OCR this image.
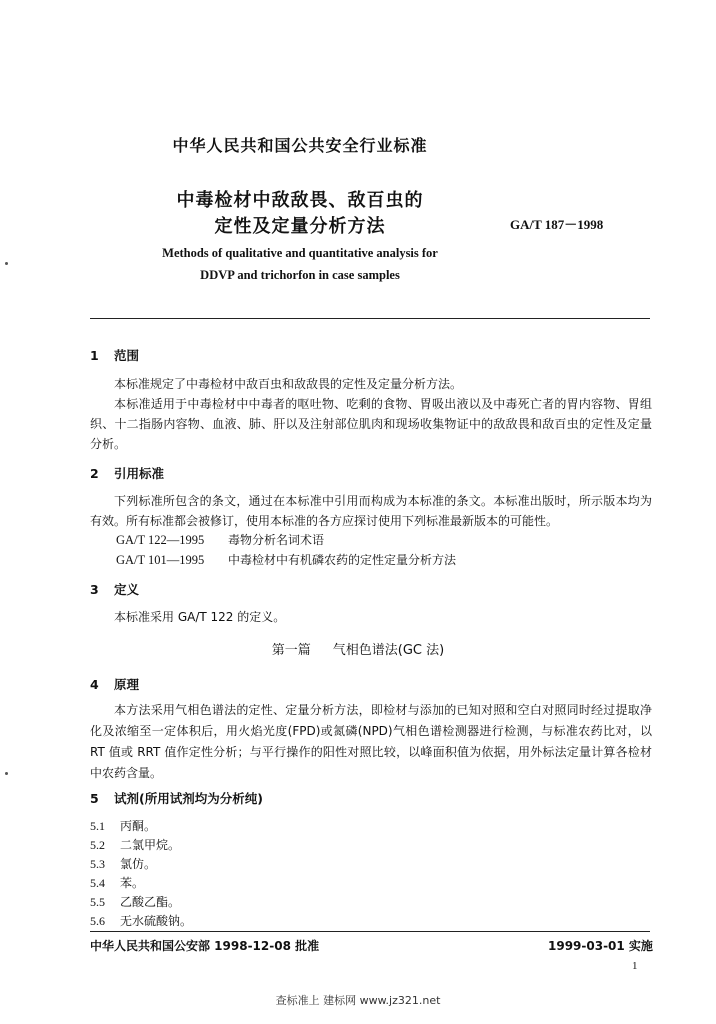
中华人民共和国公共安全行业标准
中毒检材中敌敌畏、敌百虫的
定性及定量分析方法	GA/T 187－1998
Methods of qualitative and quantitative analysis for
DDVP and trichorfon in case samples
1 范围
本标准规定了中毒检材中敌百虫和敌敌畏的定性及定量分析方法。
本标准适用于中毒检材中中毒者的呕吐物、吃剩的食物、胃吸出液以及中毒死亡者的胃内容物、胃组织、十二指肠内容物、血液、肺、肝以及注射部位肌肉和现场收集物证中的敌敌畏和敌百虫的定性及定量分析。
2 引用标准
下列标准所包含的条文，通过在本标准中引用而构成为本标准的条文。本标准出版时，所示版本均为有效。所有标准都会被修订，使用本标准的各方应探讨使用下列标准最新版本的可能性。
GA/T 122—1995 毒物分析名词术语
GA/T 101—1995 中毒检材中有机磷农药的定性定量分析方法
3 定义
本标准采用 GA/T 122 的定义。
第一篇 气相色谱法(GC 法)
4 原理
本方法采用气相色谱法的定性、定量分析方法，即检材与添加的已知对照和空白对照同时经过提取净化及浓缩至一定体积后，用火焰光度(FPD)或氮磷(NPD)气相色谱检测器进行检测，与标准农药比对，以 RT 值或 RRT 值作定性分析；与平行操作的阳性对照比较，以峰面积值为依据，用外标法定量计算各检材中农药含量。
5 试剂(所用试剂均为分析纯)
5.1 丙酮。
5.2 二氯甲烷。
5.3 氯仿。
5.4 苯。
5.5 乙酸乙酯。
5.6 无水硫酸钠。
中华人民共和国公安部 1998-12-08 批准	1999-03-01 实施
1
查标准上 建标网 www.jz321.net
